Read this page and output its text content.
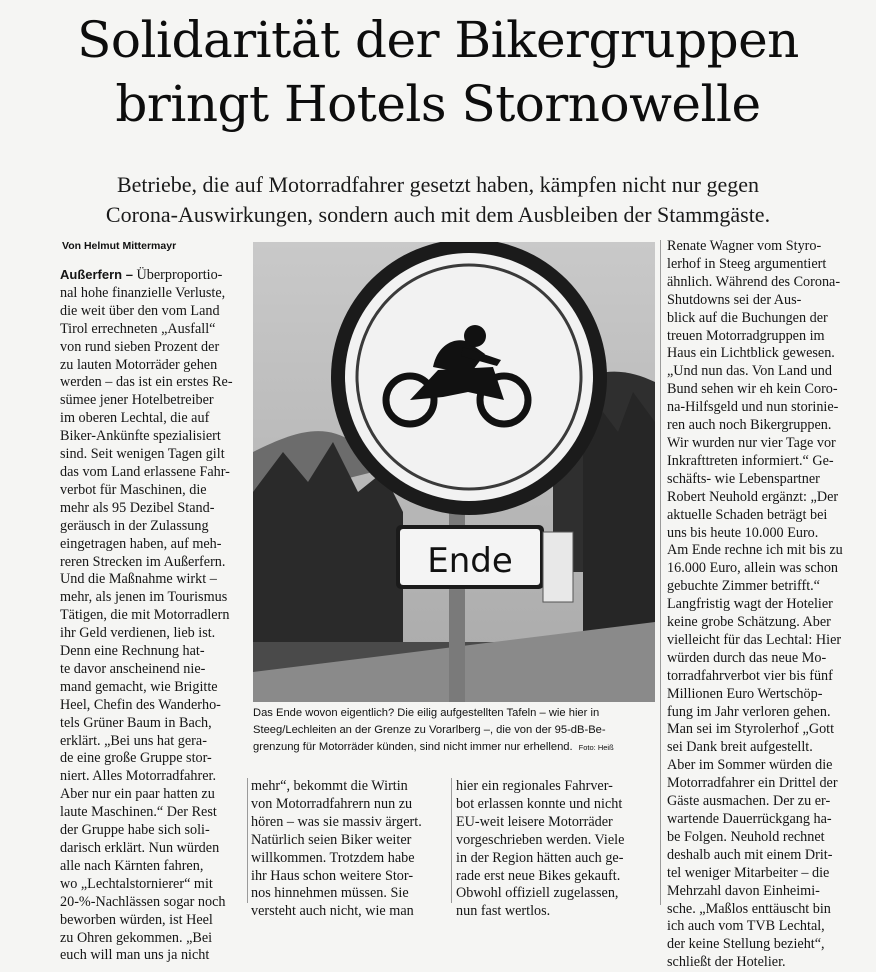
Solidarität der Bikergruppen
bringt Hotels Stornowelle
Betriebe, die auf Motorradfahrer gesetzt haben, kämpfen nicht nur gegen
Corona-Auswirkungen, sondern auch mit dem Ausbleiben der Stammgäste.
Von Helmut Mittermayr
Außerfern – Überproportio-
nal hohe finanzielle Verluste,
die weit über den vom Land
Tirol errechneten „Ausfall“
von rund sieben Prozent der
zu lauten Motorräder gehen
werden – das ist ein erstes Re-
sümee jener Hotelbetreiber
im oberen Lechtal, die auf
Biker-Ankünfte spezialisiert
sind. Seit wenigen Tagen gilt
das vom Land erlassene Fahr-
verbot für Maschinen, die
mehr als 95 Dezibel Stand-
geräusch in der Zulassung
eingetragen haben, auf meh-
reren Strecken im Außerfern.
Und die Maßnahme wirkt –
mehr, als jenen im Tourismus
Tätigen, die mit Motorradlern
ihr Geld verdienen, lieb ist.
Denn eine Rechnung hat-
te davor anscheinend nie-
mand gemacht, wie Brigitte
Heel, Chefin des Wanderho-
tels Grüner Baum in Bach,
erklärt. „Bei uns hat gera-
de eine große Gruppe stor-
niert. Alles Motorradfahrer.
Aber nur ein paar hatten zu
laute Maschinen.“ Der Rest
der Gruppe habe sich soli-
darisch erklärt. Nun würden
alle nach Kärnten fahren,
wo „Lechtalstornierer“ mit
20-%-Nachlässen sogar noch
beworben würden, ist Heel
zu Ohren gekommen. „Bei
euch will man uns ja nicht
Ende
Das Ende wovon eigentlich? Die eilig aufgestellten Tafeln – wie hier in
Steeg/Lechleiten an der Grenze zu Vorarlberg –, die von der 95-dB-Be-
grenzung für Motorräder künden, sind nicht immer nur erhellend. Foto: Heiß
mehr“, bekommt die Wirtin
von Motorradfahrern nun zu
hören – was sie massiv ärgert.
Natürlich seien Biker weiter
willkommen. Trotzdem habe
ihr Haus schon weitere Stor-
nos hinnehmen müssen. Sie
versteht auch nicht, wie man
hier ein regionales Fahrver-
bot erlassen konnte und nicht
EU-weit leisere Motorräder
vorgeschrieben werden. Viele
in der Region hätten auch ge-
rade erst neue Bikes gekauft.
Obwohl offiziell zugelassen,
nun fast wertlos.
Renate Wagner vom Styro-
lerhof in Steeg argumentiert
ähnlich. Während des Corona-
Shutdowns sei der Aus-
blick auf die Buchungen der
treuen Motorradgruppen im
Haus ein Lichtblick gewesen.
„Und nun das. Von Land und
Bund sehen wir eh kein Coro-
na-Hilfsgeld und nun storinie-
ren auch noch Bikergruppen.
Wir wurden nur vier Tage vor
Inkrafttreten informiert.“ Ge-
schäfts- wie Lebenspartner
Robert Neuhold ergänzt: „Der
aktuelle Schaden beträgt bei
uns bis heute 10.000 Euro.
Am Ende rechne ich mit bis zu
16.000 Euro, allein was schon
gebuchte Zimmer betrifft.“
Langfristig wagt der Hotelier
keine grobe Schätzung. Aber
vielleicht für das Lechtal: Hier
würden durch das neue Mo-
torradfahrverbot vier bis fünf
Millionen Euro Wertschöp-
fung im Jahr verloren gehen.
Man sei im Styrolerhof „Gott
sei Dank breit aufgestellt.
Aber im Sommer würden die
Motorradfahrer ein Drittel der
Gäste ausmachen. Der zu er-
wartende Dauerrückgang ha-
be Folgen. Neuhold rechnet
deshalb auch mit einem Drit-
tel weniger Mitarbeiter – die
Mehrzahl davon Einheimi-
sche. „Maßlos enttäuscht bin
ich auch vom TVB Lechtal,
der keine Stellung bezieht“,
schließt der Hotelier.
